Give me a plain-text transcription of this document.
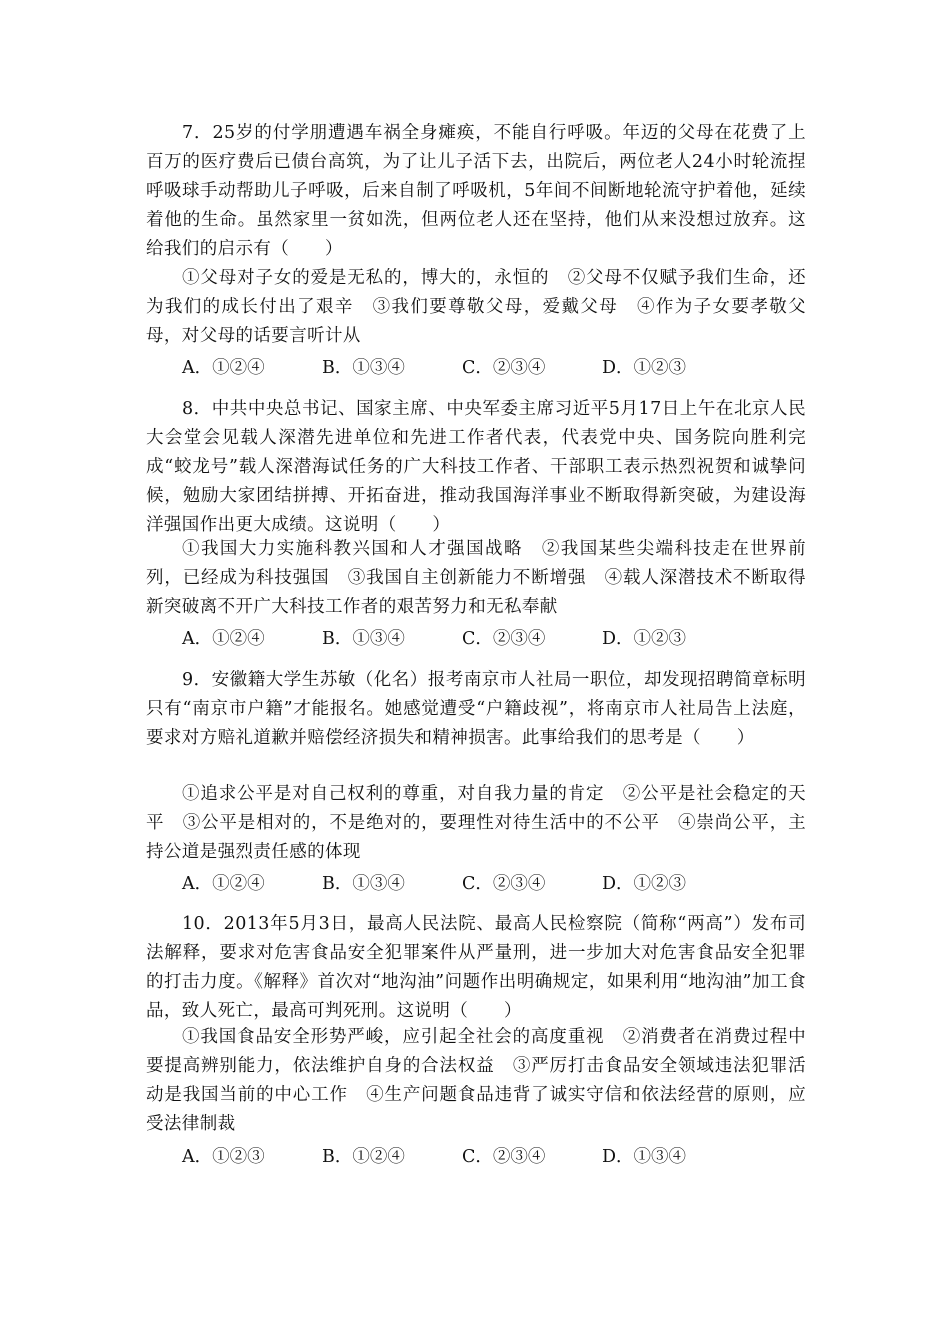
7．25岁的付学朋遭遇车祸全身瘫痪，不能自行呼吸。年迈的父母在花费了上百万的医疗费后已债台高筑，为了让儿子活下去，出院后，两位老人24小时轮流捏呼吸球手动帮助儿子呼吸，后来自制了呼吸机，5年间不间断地轮流守护着他，延续着他的生命。虽然家里一贫如洗，但两位老人还在坚持，他们从来没想过放弃。这给我们的启示有（　　）

①父母对子女的爱是无私的，博大的，永恒的　②父母不仅赋予我们生命，还为我们的成长付出了艰辛　③我们要尊敬父母，爱戴父母　④作为子女要孝敬父母，对父母的话要言听计从

A．①②④	B．①③④	C．②③④	D．①②③

8．中共中央总书记、国家主席、中央军委主席习近平5月17日上午在北京人民大会堂会见载人深潜先进单位和先进工作者代表，代表党中央、国务院向胜利完成“蛟龙号”载人深潜海试任务的广大科技工作者、干部职工表示热烈祝贺和诚挚问候，勉励大家团结拼搏、开拓奋进，推动我国海洋事业不断取得新突破，为建设海洋强国作出更大成绩。这说明（　　）

①我国大力实施科教兴国和人才强国战略　②我国某些尖端科技走在世界前列，已经成为科技强国　③我国自主创新能力不断增强　④载人深潜技术不断取得新突破离不开广大科技工作者的艰苦努力和无私奉献

A．①②④	B．①③④	C．②③④	D．①②③

9．安徽籍大学生苏敏（化名）报考南京市人社局一职位，却发现招聘简章标明只有“南京市户籍”才能报名。她感觉遭受“户籍歧视”，将南京市人社局告上法庭，要求对方赔礼道歉并赔偿经济损失和精神损害。此事给我们的思考是（　　）

①追求公平是对自己权利的尊重，对自我力量的肯定　②公平是社会稳定的天平　③公平是相对的，不是绝对的，要理性对待生活中的不公平　④崇尚公平，主持公道是强烈责任感的体现

A．①②④	B．①③④	C．②③④	D．①②③

10．2013年5月3日，最高人民法院、最高人民检察院（简称“两高”）发布司法解释，要求对危害食品安全犯罪案件从严量刑，进一步加大对危害食品安全犯罪的打击力度。《解释》首次对“地沟油”问题作出明确规定，如果利用“地沟油”加工食品，致人死亡，最高可判死刑。这说明（　　）

①我国食品安全形势严峻，应引起全社会的高度重视　②消费者在消费过程中要提高辨别能力，依法维护自身的合法权益　③严厉打击食品安全领域违法犯罪活动是我国当前的中心工作　④生产问题食品违背了诚实守信和依法经营的原则，应受法律制裁

A．①②③	B．①②④	C．②③④	D．①③④
